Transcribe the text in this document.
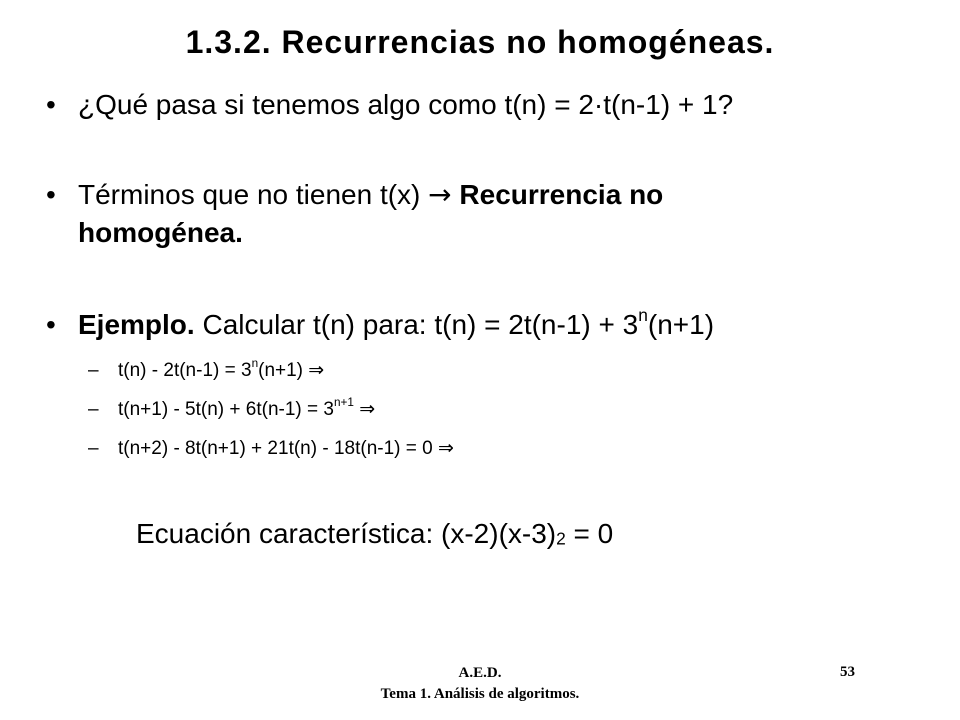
1.3.2. Recurrencias no homogéneas.
• ¿Qué pasa si tenemos algo como t(n) = 2·t(n-1) + 1?
• Términos que no tienen t(x) → Recurrencia no
homogénea.
• Ejemplo. Calcular t(n) para: $t(n) = 2t(n-1) + 3^n(n+1)$
– $t(n) - 2t(n-1) = 3^n(n+1)$ ⇒
– $t(n+1) - 5t(n) + 6t(n-1) = 3^{n+1}$ ⇒
– t(n+2) - 8t(n+1) + 21t(n) - 18t(n-1) = 0 ⇒
Ecuación característica: $(x-2)(x-3)_2 = 0$
A.E.D.
Tema 1. Análisis de algoritmos.
53
